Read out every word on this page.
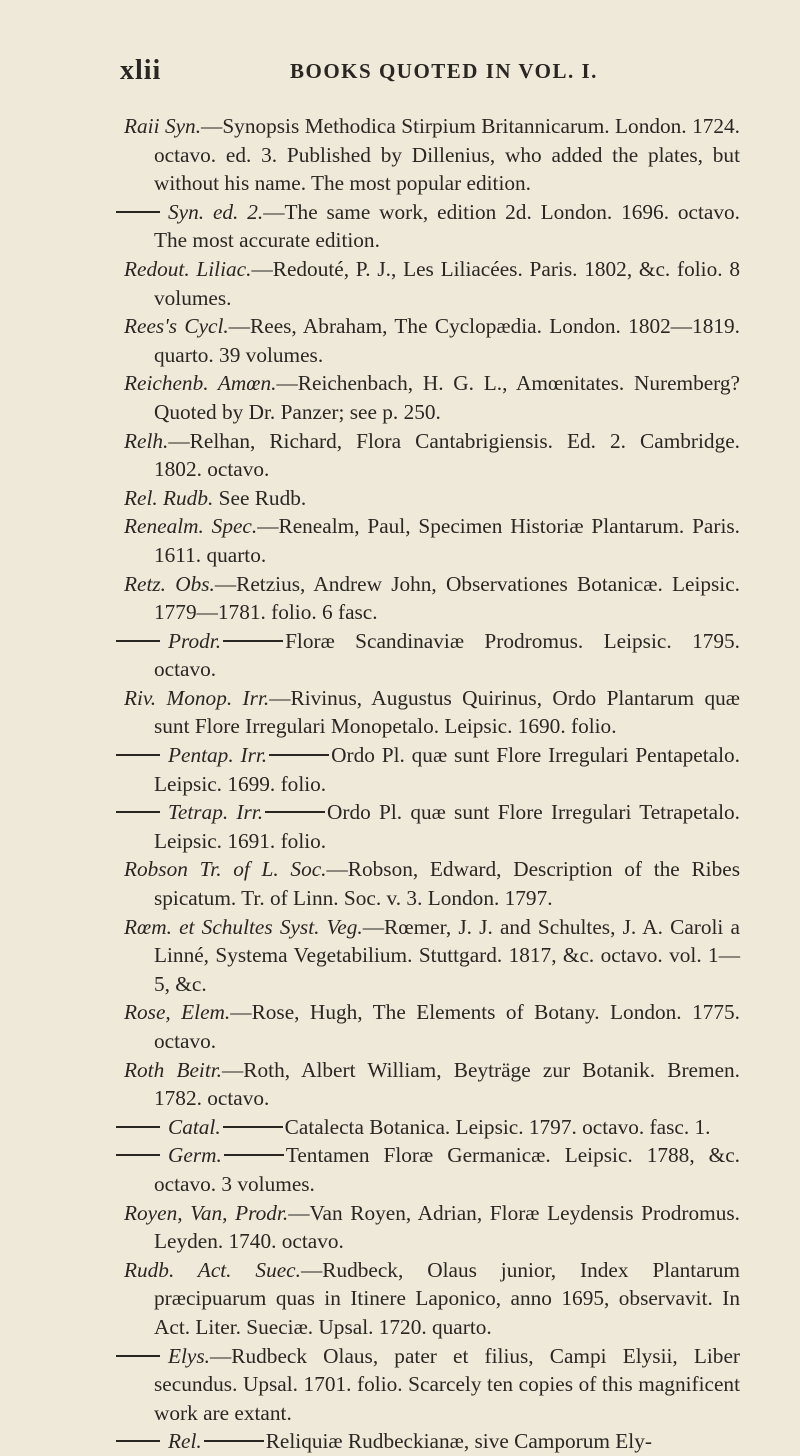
xlii	BOOKS QUOTED IN VOL. I.

Raii Syn.—Synopsis Methodica Stirpium Britannicarum. London. 1724. octavo. ed. 3. Published by Dillenius, who added the plates, but without his name. The most popular edition.

Syn. ed. 2.—The same work, edition 2d. London. 1696. octavo. The most accurate edition.

Redout. Liliac.—Redouté, P. J., Les Liliacées. Paris. 1802, &c. folio. 8 volumes.

Rees's Cycl.—Rees, Abraham, The Cyclopædia. London. 1802—1819. quarto. 39 volumes.

Reichenb. Amœn.—Reichenbach, H. G. L., Amœnitates. Nuremberg? Quoted by Dr. Panzer; see p. 250.

Relh.—Relhan, Richard, Flora Cantabrigiensis. Ed. 2. Cambridge. 1802. octavo.

Rel. Rudb. See Rudb.

Renealm. Spec.—Renealm, Paul, Specimen Historiæ Plantarum. Paris. 1611. quarto.

Retz. Obs.—Retzius, Andrew John, Observationes Botanicæ. Leipsic. 1779—1781. folio. 6 fasc.

Prodr.	Floræ Scandinaviæ Prodromus. Leipsic. 1795. octavo.

Riv. Monop. Irr.—Rivinus, Augustus Quirinus, Ordo Plantarum quæ sunt Flore Irregulari Monopetalo. Leipsic. 1690. folio.

Pentap. Irr.	Ordo Pl. quæ sunt Flore Irregulari Pentapetalo. Leipsic. 1699. folio.

Tetrap. Irr.	Ordo Pl. quæ sunt Flore Irregulari Tetrapetalo. Leipsic. 1691. folio.

Robson Tr. of L. Soc.—Robson, Edward, Description of the Ribes spicatum. Tr. of Linn. Soc. v. 3. London. 1797.

Rœm. et Schultes Syst. Veg.—Rœmer, J. J. and Schultes, J. A. Caroli a Linné, Systema Vegetabilium. Stuttgard. 1817, &c. octavo. vol. 1—5, &c.

Rose, Elem.—Rose, Hugh, The Elements of Botany. London. 1775. octavo.

Roth Beitr.—Roth, Albert William, Beyträge zur Botanik. Bremen. 1782. octavo.

Catal.	Catalecta Botanica. Leipsic. 1797. octavo. fasc. 1.

Germ.	Tentamen Floræ Germanicæ. Leipsic. 1788, &c. octavo. 3 volumes.

Royen, Van, Prodr.—Van Royen, Adrian, Floræ Leydensis Prodromus. Leyden. 1740. octavo.

Rudb. Act. Suec.—Rudbeck, Olaus junior, Index Plantarum præcipuarum quas in Itinere Laponico, anno 1695, observavit. In Act. Liter. Sueciæ. Upsal. 1720. quarto.

Elys.—Rudbeck Olaus, pater et filius, Campi Elysii, Liber secundus. Upsal. 1701. folio. Scarcely ten copies of this magnificent work are extant.

Rel.	Reliquiæ Rudbeckianæ, sive Camporum Ely-
